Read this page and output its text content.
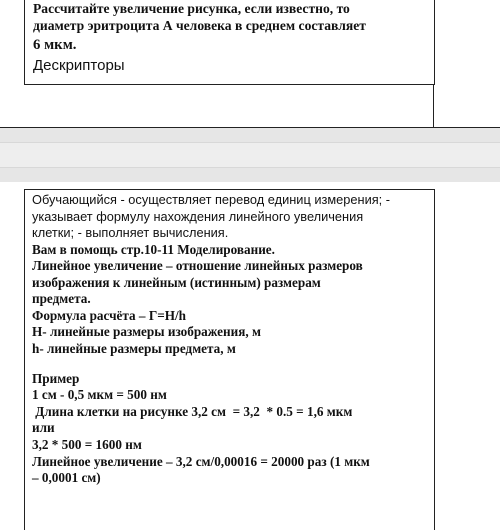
Рассчитайте увеличение рисунка, если известно, то

диаметр эритроцита А человека в среднем составляет

6 мкм.

Дескрипторы

Обучающийся - осуществляет перевод единиц измерения; -

указывает формулу нахождения линейного увеличения

клетки; - выполняет вычисления.

Вам в помощь стр.10-11 Моделирование.

Линейное увеличение – отношение линейных размеров

изображения к линейным (истинным) размерам

предмета.

Формула расчёта – Г=H/h

H- линейные размеры изображения, м

h- линейные размеры предмета, м

Пример

1 см - 0,5 мкм = 500 нм

Длина клетки на рисунке 3,2 см  = 3,2  * 0.5 = 1,6 мкм

или

3,2 * 500 = 1600 нм

Линейное увеличение – 3,2 см/0,00016 = 20000 раз (1 мкм

– 0,0001 см)
